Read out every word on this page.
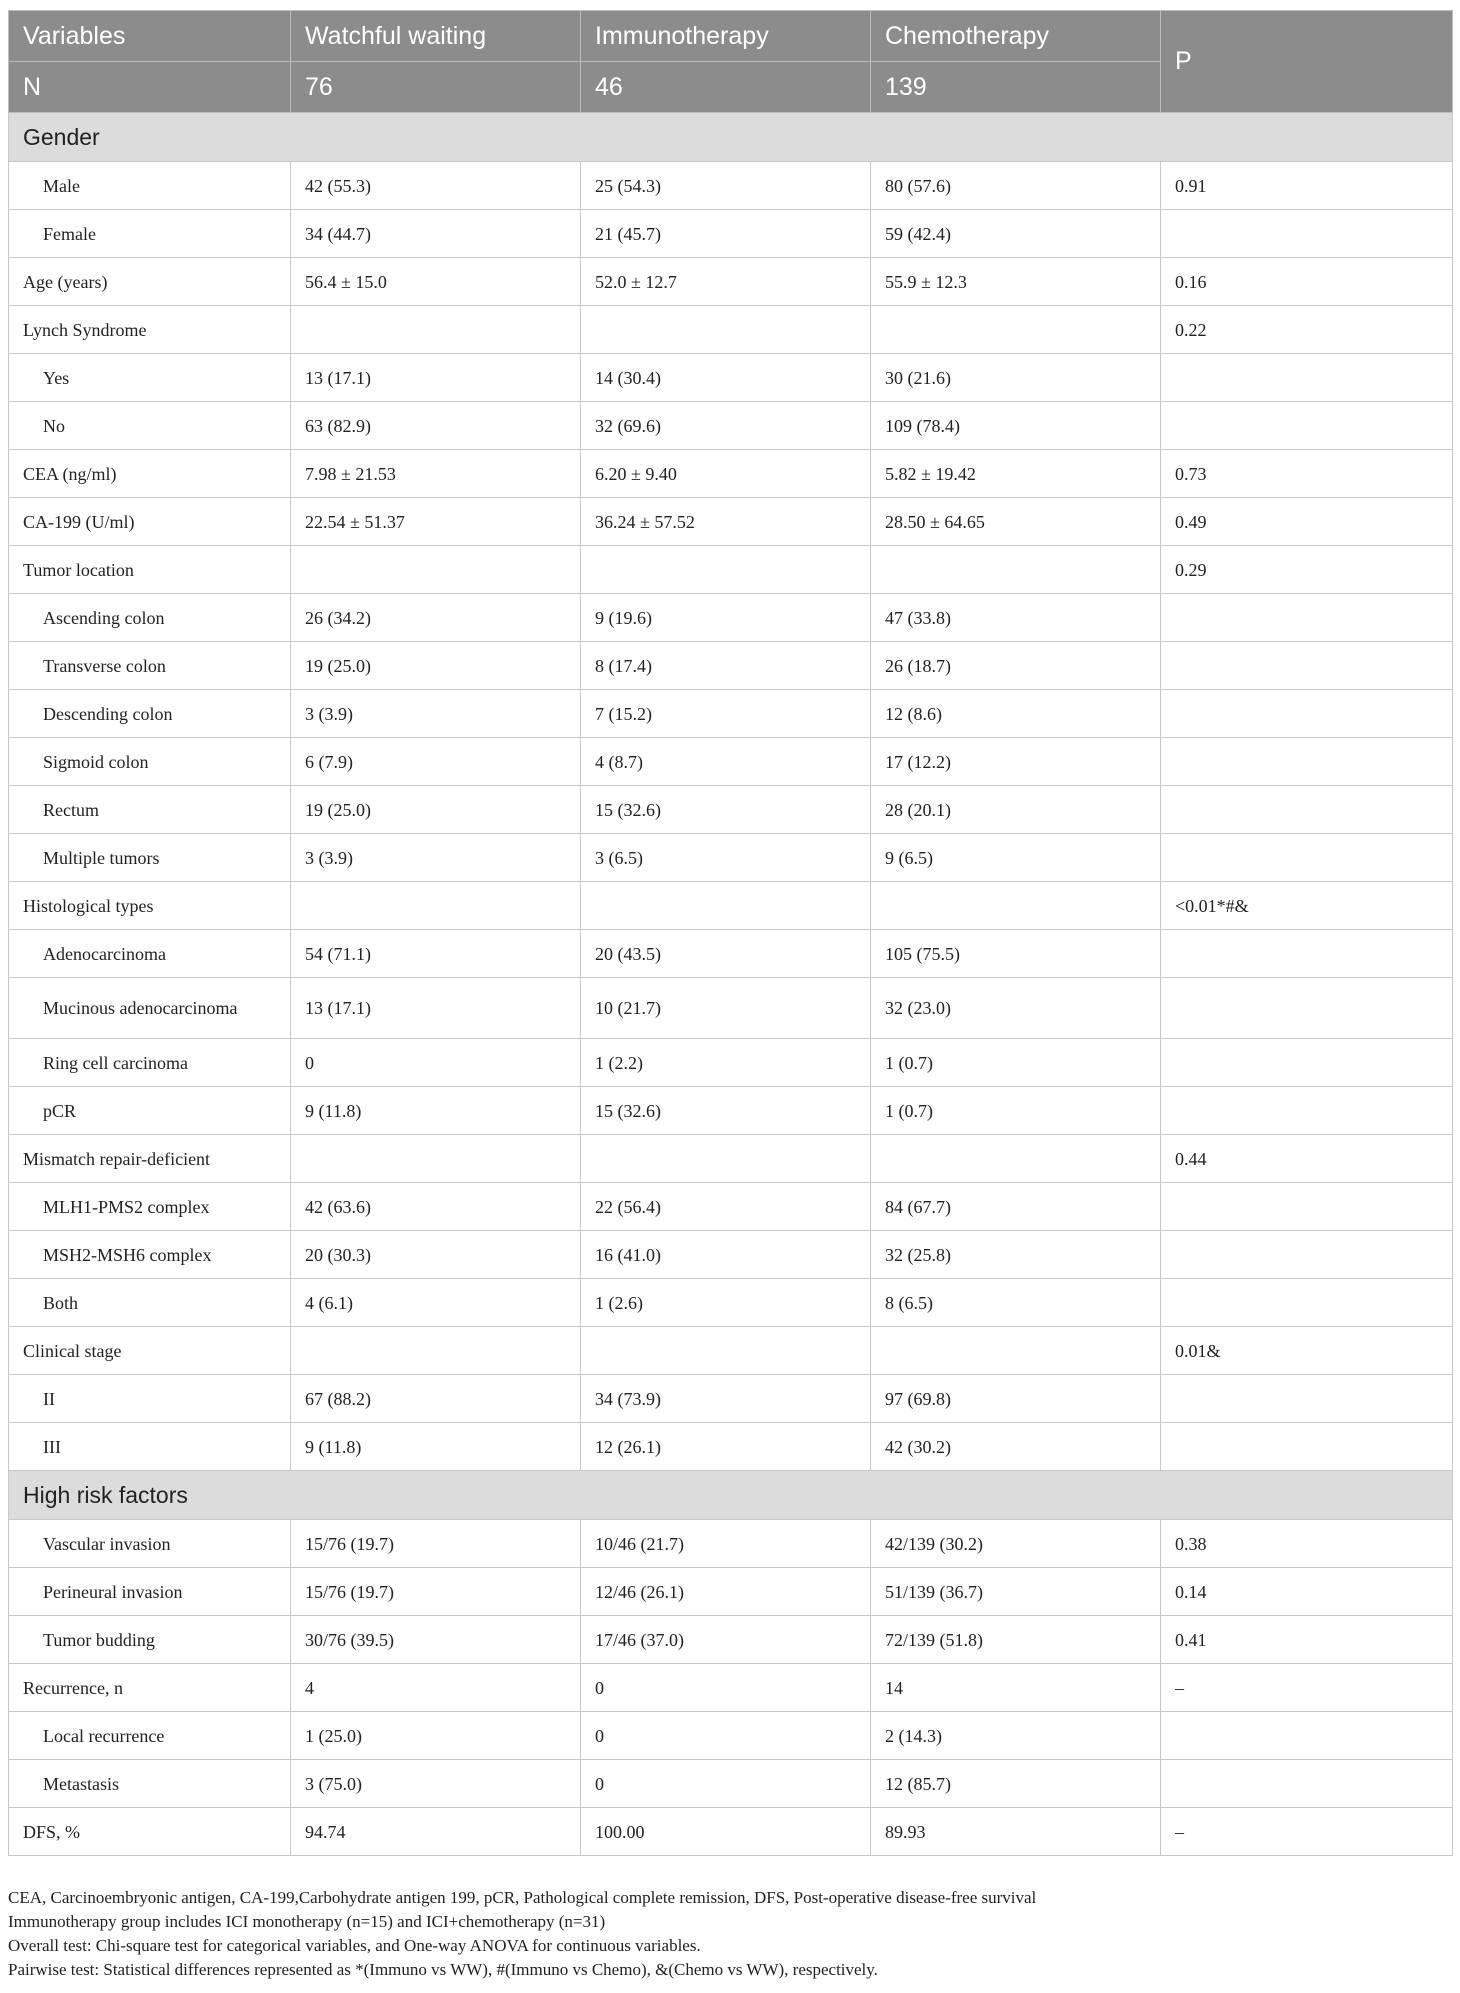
Variables	Watchful waiting	Immunotherapy	Chemotherapy	P
N	76	46	139	
Gender				
Male	42 (55.3)	25 (54.3)	80 (57.6)	0.91
Female	34 (44.7)	21 (45.7)	59 (42.4)	
Age (years)	56.4 ± 15.0	52.0 ± 12.7	55.9 ± 12.3	0.16
Lynch Syndrome				0.22
Yes	13 (17.1)	14 (30.4)	30 (21.6)	
No	63 (82.9)	32 (69.6)	109 (78.4)	
CEA (ng/ml)	7.98 ± 21.53	6.20 ± 9.40	5.82 ± 19.42	0.73
CA-199 (U/ml)	22.54 ± 51.37	36.24 ± 57.52	28.50 ± 64.65	0.49
Tumor location				0.29
Ascending colon	26 (34.2)	9 (19.6)	47 (33.8)	
Transverse colon	19 (25.0)	8 (17.4)	26 (18.7)	
Descending colon	3 (3.9)	7 (15.2)	12 (8.6)	
Sigmoid colon	6 (7.9)	4 (8.7)	17 (12.2)	
Rectum	19 (25.0)	15 (32.6)	28 (20.1)	
Multiple tumors	3 (3.9)	3 (6.5)	9 (6.5)	
Histological types				<0.01*#&
Adenocarcinoma	54 (71.1)	20 (43.5)	105 (75.5)	
Mucinous adenocarcinoma	13 (17.1)	10 (21.7)	32 (23.0)	
Ring cell carcinoma	0	1 (2.2)	1 (0.7)	
pCR	9 (11.8)	15 (32.6)	1 (0.7)	
Mismatch repair-deficient				0.44
MLH1-PMS2 complex	42 (63.6)	22 (56.4)	84 (67.7)	
MSH2-MSH6 complex	20 (30.3)	16 (41.0)	32 (25.8)	
Both	4 (6.1)	1 (2.6)	8 (6.5)	
Clinical stage				0.01&
II	67 (88.2)	34 (73.9)	97 (69.8)	
III	9 (11.8)	12 (26.1)	42 (30.2)	
High risk factors				
Vascular invasion	15/76 (19.7)	10/46 (21.7)	42/139 (30.2)	0.38
Perineural invasion	15/76 (19.7)	12/46 (26.1)	51/139 (36.7)	0.14
Tumor budding	30/76 (39.5)	17/46 (37.0)	72/139 (51.8)	0.41
Recurrence, n	4	0	14	–
Local recurrence	1 (25.0)	0	2 (14.3)	
Metastasis	3 (75.0)	0	12 (85.7)	
DFS, %	94.74	100.00	89.93	–
CEA, Carcinoembryonic antigen, CA-199,Carbohydrate antigen 199, pCR, Pathological complete remission, DFS, Post-operative disease-free survival
Immunotherapy group includes ICI monotherapy (n=15) and ICI+chemotherapy (n=31)
Overall test: Chi-square test for categorical variables, and One-way ANOVA for continuous variables.
Pairwise test: Statistical differences represented as *(Immuno vs WW), #(Immuno vs Chemo), &(Chemo vs WW), respectively.
